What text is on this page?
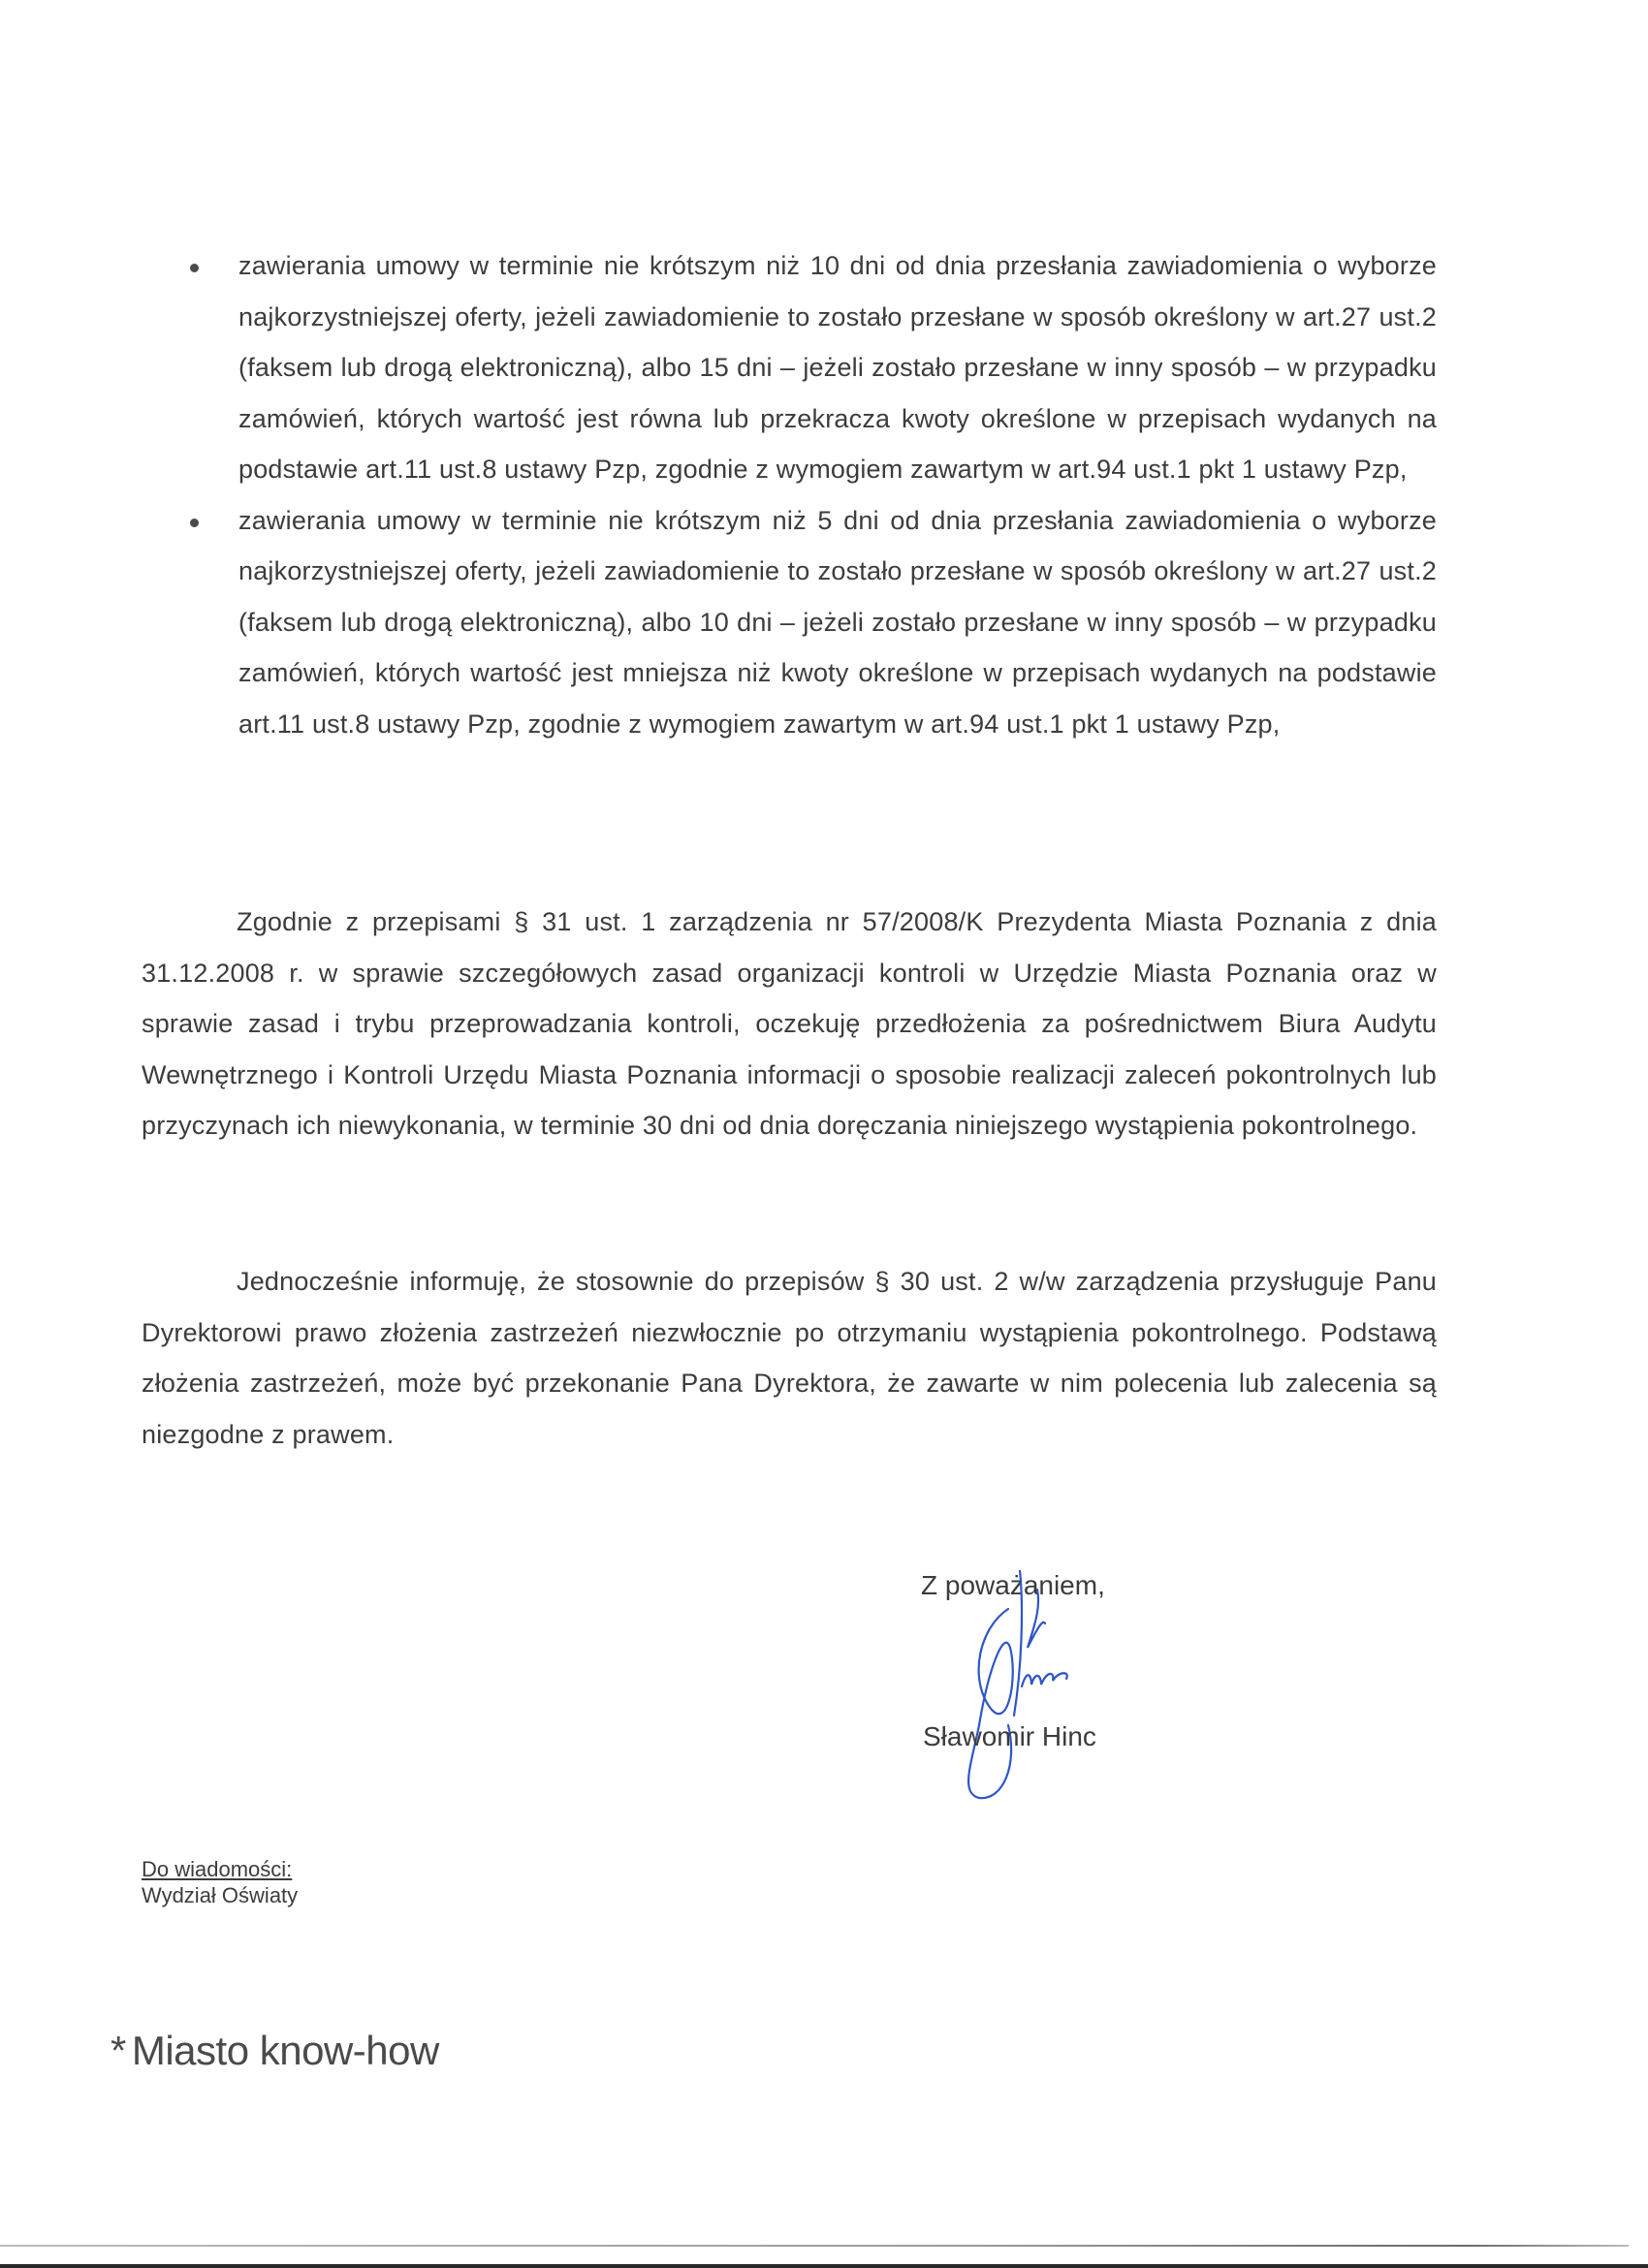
zawierania umowy w terminie nie krótszym niż 10 dni od dnia przesłania zawiadomienia o wyborze najkorzystniejszej oferty, jeżeli zawiadomienie to zostało przesłane w sposób określony w art.27 ust.2 (faksem lub drogą elektroniczną), albo 15 dni – jeżeli zostało przesłane w inny sposób – w przypadku zamówień, których wartość jest równa lub przekracza kwoty określone w przepisach wydanych na podstawie art.11 ust.8 ustawy Pzp, zgodnie z wymogiem zawartym w art.94 ust.1 pkt 1 ustawy Pzp,
zawierania umowy w terminie nie krótszym niż 5 dni od dnia przesłania zawiadomienia o wyborze najkorzystniejszej oferty, jeżeli zawiadomienie to zostało przesłane w sposób określony w art.27 ust.2 (faksem lub drogą elektroniczną), albo 10 dni – jeżeli zostało przesłane w inny sposób – w przypadku zamówień, których wartość jest mniejsza niż kwoty określone w przepisach wydanych na podstawie art.11 ust.8 ustawy Pzp, zgodnie z wymogiem zawartym w art.94 ust.1 pkt 1 ustawy Pzp,

Zgodnie z przepisami § 31 ust. 1 zarządzenia nr 57/2008/K Prezydenta Miasta Poznania z dnia 31.12.2008 r. w sprawie szczegółowych zasad organizacji kontroli w Urzędzie Miasta Poznania oraz w sprawie zasad i trybu przeprowadzania kontroli, oczekuję przedłożenia za pośrednictwem Biura Audytu Wewnętrznego i Kontroli Urzędu Miasta Poznania informacji o sposobie realizacji zaleceń pokontrolnych lub przyczynach ich niewykonania, w terminie 30 dni od dnia doręczania niniejszego wystąpienia pokontrolnego.

Jednocześnie informuję, że stosownie do przepisów § 30 ust. 2 w/w zarządzenia przysługuje Panu Dyrektorowi prawo złożenia zastrzeżeń niezwłocznie po otrzymaniu wystąpienia pokontrolnego. Podstawą złożenia zastrzeżeń, może być przekonanie Pana Dyrektora, że zawarte w nim polecenia lub zalecenia są niezgodne z prawem.

Z poważaniem,
Sławomir Hinc
Do wiadomości:
Wydział Oświaty
* Miasto know-how
